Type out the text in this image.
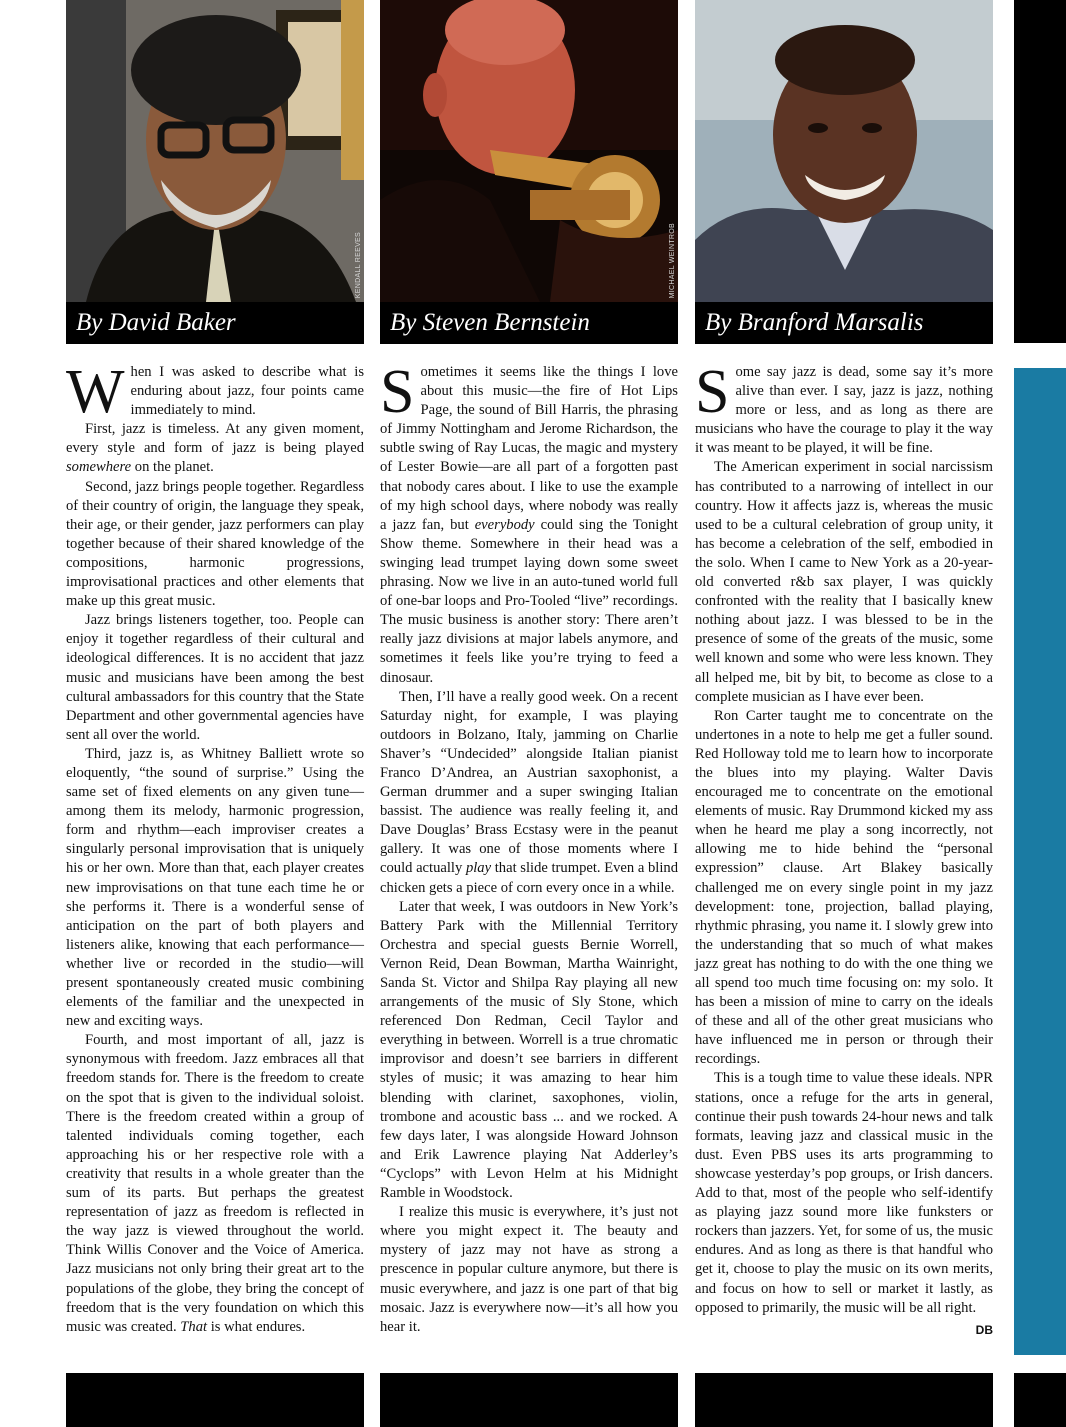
KENDALL REEVES	MICHAEL WEINTROB
By David Baker	By Steven Bernstein	By Branford Marsalis

When I was asked to describe what is enduring about jazz, four points came immediately to mind.

First, jazz is timeless. At any given moment, every style and form of jazz is being played somewhere on the planet.

Second, jazz brings people together. Regardless of their country of origin, the language they speak, their age, or their gender, jazz performers can play together because of their shared knowledge of the compositions, harmonic progressions, improvisational practices and other elements that make up this great music.

Jazz brings listeners together, too. People can enjoy it together regardless of their cultural and ideological differences. It is no accident that jazz music and musicians have been among the best cultural ambassadors for this country that the State Department and other governmental agencies have sent all over the world.

Third, jazz is, as Whitney Balliett wrote so eloquently, “the sound of surprise.” Using the same set of fixed elements on any given tune—among them its melody, harmonic progression, form and rhythm—each improviser creates a singularly personal improvisation that is uniquely his or her own. More than that, each player creates new improvisations on that tune each time he or she performs it. There is a wonderful sense of anticipation on the part of both players and listeners alike, knowing that each performance—whether live or recorded in the studio—will present spontaneously created music combining elements of the familiar and the unexpected in new and exciting ways.

Fourth, and most important of all, jazz is synonymous with freedom. Jazz embraces all that freedom stands for. There is the freedom to create on the spot that is given to the individual soloist. There is the freedom created within a group of talented individuals coming together, each approaching his or her respective role with a creativity that results in a whole greater than the sum of its parts. But perhaps the greatest representation of jazz as freedom is reflected in the way jazz is viewed throughout the world. Think Willis Conover and the Voice of America. Jazz musicians not only bring their great art to the populations of the globe, they bring the concept of freedom that is the very foundation on which this music was created. That is what endures.

Sometimes it seems like the things I love about this music—the fire of Hot Lips Page, the sound of Bill Harris, the phrasing of Jimmy Nottingham and Jerome Richardson, the subtle swing of Ray Lucas, the magic and mystery of Lester Bowie—are all part of a forgotten past that nobody cares about. I like to use the example of my high school days, where nobody was really a jazz fan, but everybody could sing the Tonight Show theme. Somewhere in their head was a swinging lead trumpet laying down some sweet phrasing. Now we live in an auto-tuned world full of one-bar loops and Pro-Tooled “live” recordings. The music business is another story: There aren’t really jazz divisions at major labels anymore, and sometimes it feels like you’re trying to feed a dinosaur.

Then, I’ll have a really good week. On a recent Saturday night, for example, I was playing outdoors in Bolzano, Italy, jamming on Charlie Shaver’s “Undecided” alongside Italian pianist Franco D’Andrea, an Austrian saxophonist, a German drummer and a super swinging Italian bassist. The audience was really feeling it, and Dave Douglas’ Brass Ecstasy were in the peanut gallery. It was one of those moments where I could actually play that slide trumpet. Even a blind chicken gets a piece of corn every once in a while.

Later that week, I was outdoors in New York’s Battery Park with the Millennial Territory Orchestra and special guests Bernie Worrell, Vernon Reid, Dean Bowman, Martha Wainright, Sanda St. Victor and Shilpa Ray playing all new arrangements of the music of Sly Stone, which referenced Don Redman, Cecil Taylor and everything in between. Worrell is a true chromatic improvisor and doesn’t see barriers in different styles of music; it was amazing to hear him blending with clarinet, saxophones, violin, trombone and acoustic bass ... and we rocked. A few days later, I was alongside Howard Johnson and Erik Lawrence playing Nat Adderley’s “Cyclops” with Levon Helm at his Midnight Ramble in Woodstock.

I realize this music is everywhere, it’s just not where you might expect it. The beauty and mystery of jazz may not have as strong a prescence in popular culture anymore, but there is music everywhere, and jazz is one part of that big mosaic. Jazz is everywhere now—it’s all how you hear it.

Some say jazz is dead, some say it’s more alive than ever. I say, jazz is jazz, nothing more or less, and as long as there are musicians who have the courage to play it the way it was meant to be played, it will be fine.

The American experiment in social narcissism has contributed to a narrowing of intellect in our country. How it affects jazz is, whereas the music used to be a cultural celebration of group unity, it has become a celebration of the self, embodied in the solo. When I came to New York as a 20-year-old converted r&b sax player, I was quickly confronted with the reality that I basically knew nothing about jazz. I was blessed to be in the presence of some of the greats of the music, some well known and some who were less known. They all helped me, bit by bit, to become as close to a complete musician as I have ever been.

Ron Carter taught me to concentrate on the undertones in a note to help me get a fuller sound. Red Holloway told me to learn how to incorporate the blues into my playing. Walter Davis encouraged me to concentrate on the emotional elements of music. Ray Drummond kicked my ass when he heard me play a song incorrectly, not allowing me to hide behind the “personal expression” clause. Art Blakey basically challenged me on every single point in my jazz development: tone, projection, ballad playing, rhythmic phrasing, you name it. I slowly grew into the understanding that so much of what makes jazz great has nothing to do with the one thing we all spend too much time focusing on: my solo. It has been a mission of mine to carry on the ideals of these and all of the other great musicians who have influenced me in person or through their recordings.

This is a tough time to value these ideals. NPR stations, once a refuge for the arts in general, continue their push towards 24-hour news and talk formats, leaving jazz and classical music in the dust. Even PBS uses its arts programming to showcase yesterday’s pop groups, or Irish dancers. Add to that, most of the people who self-identify as playing jazz sound more like funksters or rockers than jazzers. Yet, for some of us, the music endures. And as long as there is that handful who get it, choose to play the music on its own merits, and focus on how to sell or market it lastly, as opposed to primarily, the music will be all right.
DB
